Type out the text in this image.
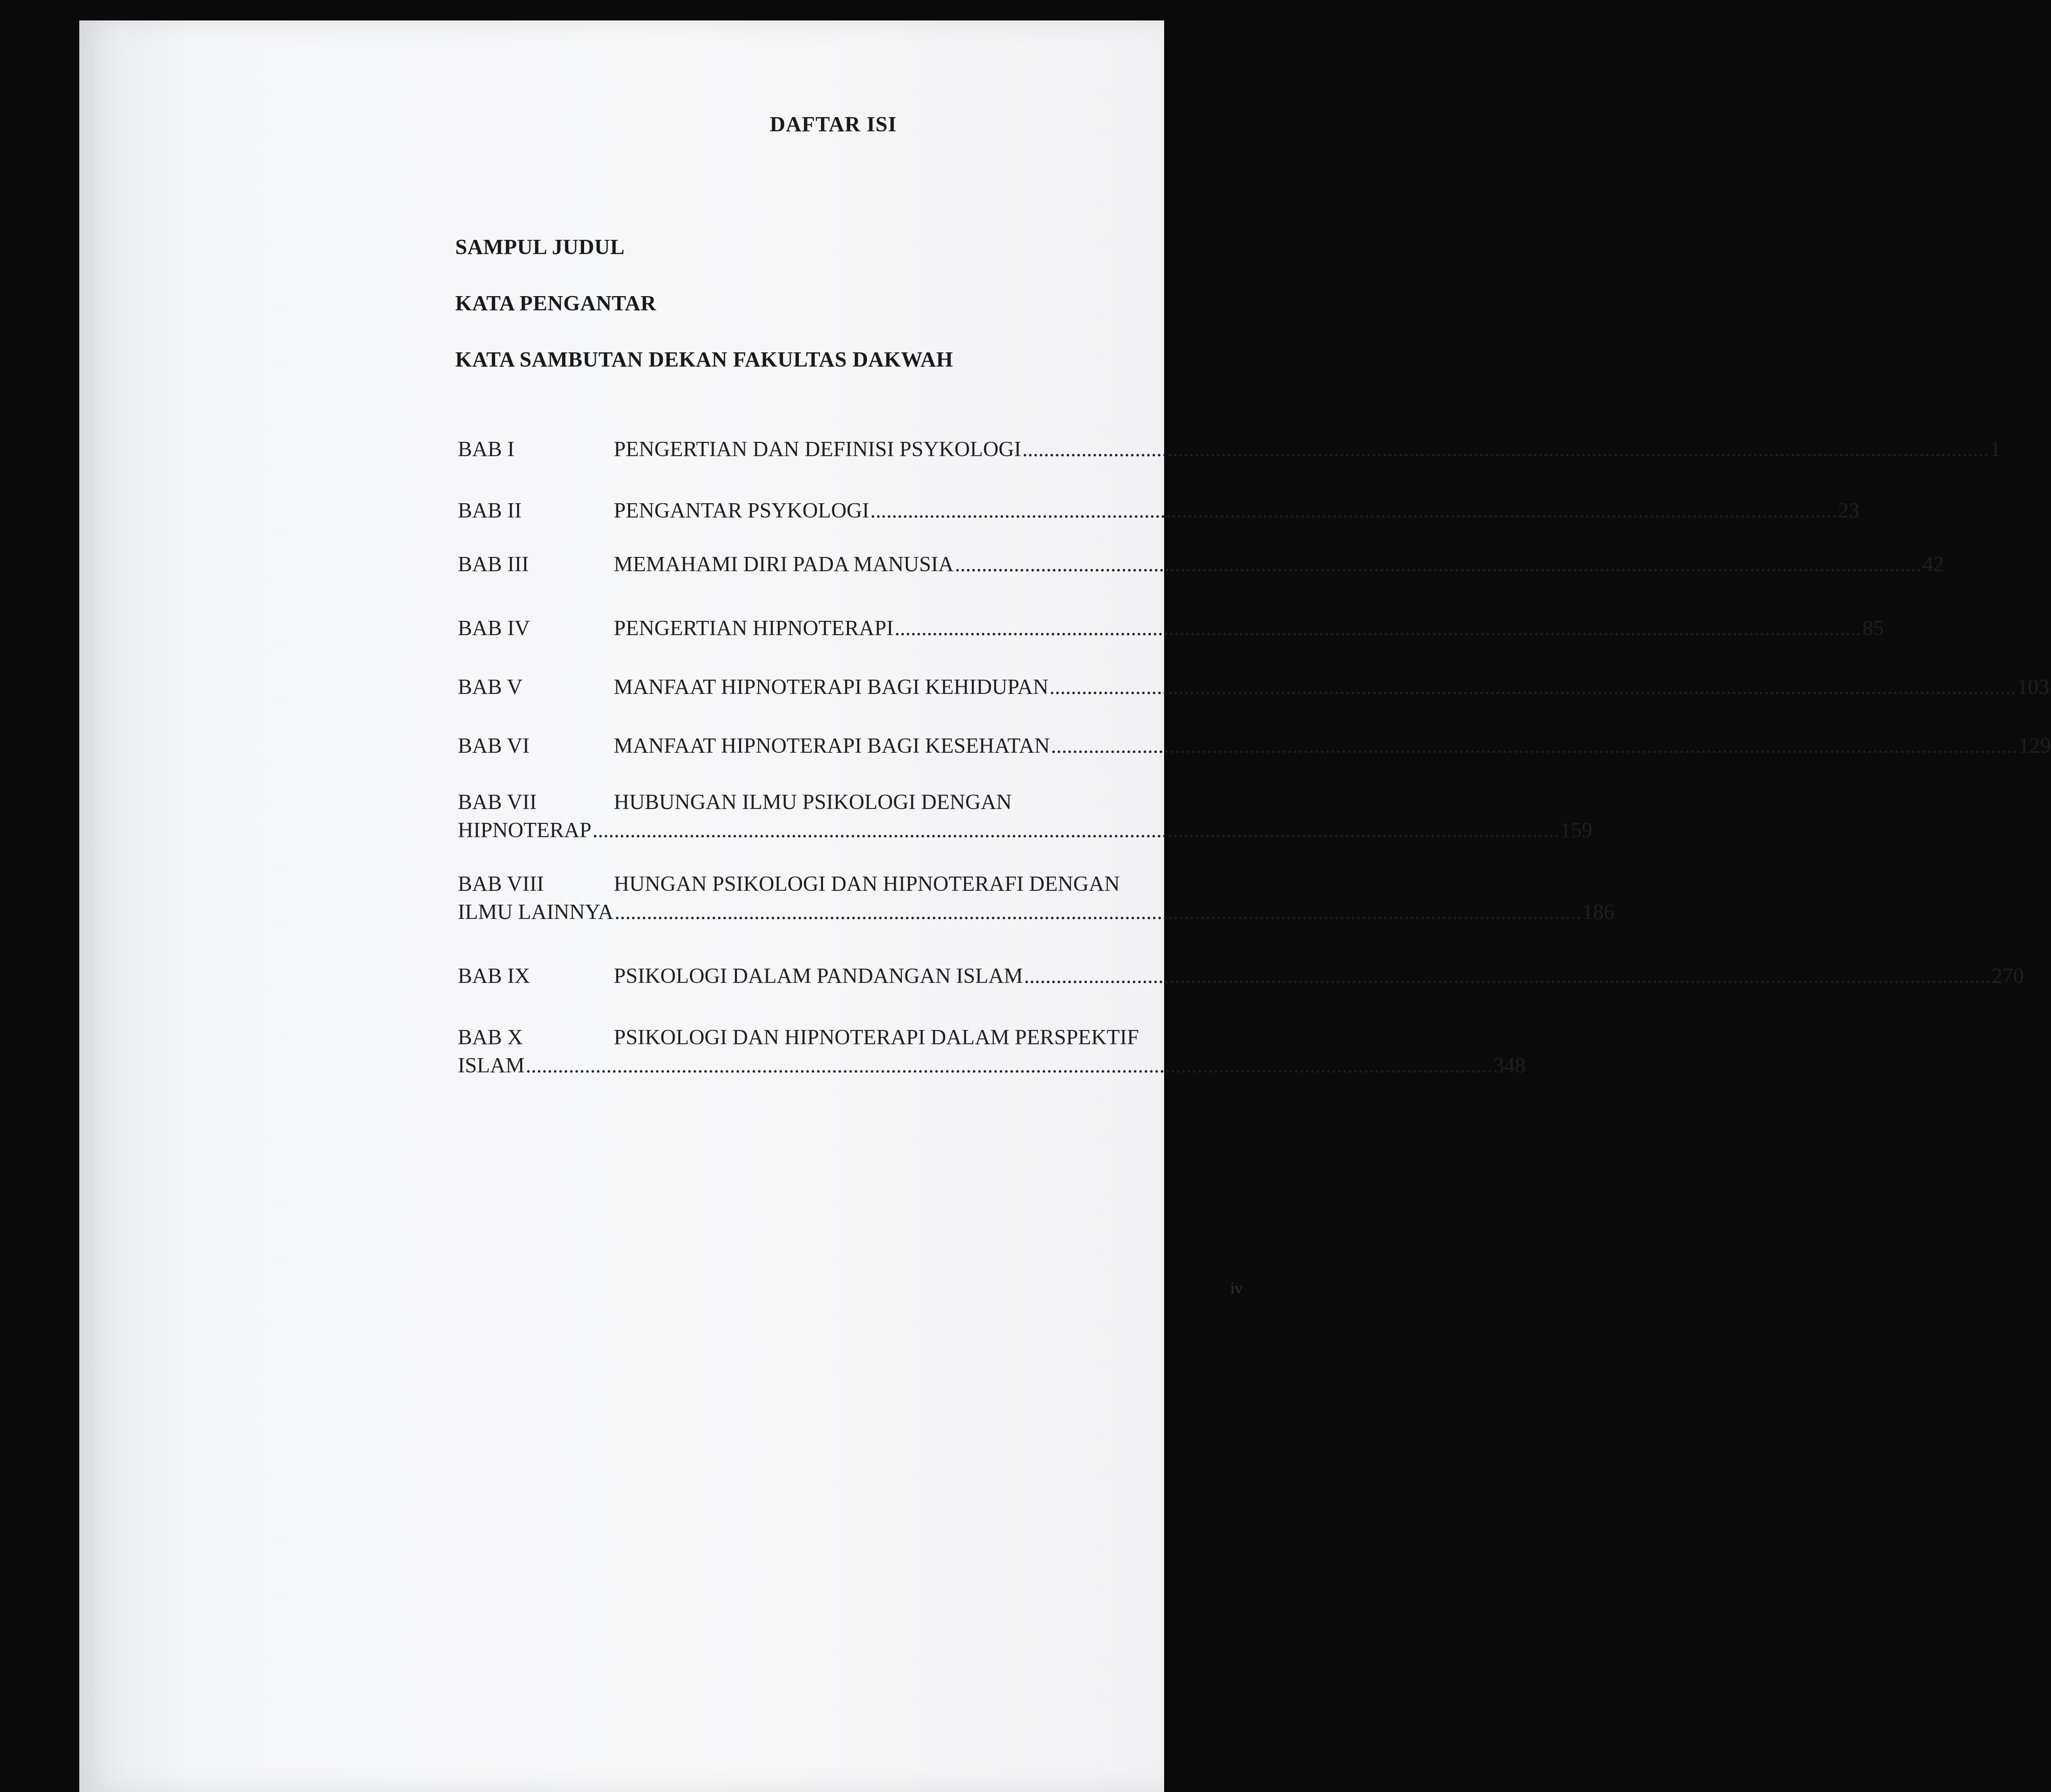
DAFTAR ISI
SAMPUL JUDUL
KATA PENGANTAR
KATA SAMBUTAN DEKAN FAKULTAS DAKWAH
BAB I	PENGERTIAN DAN DEFINISI PSYKOLOGI .....	1
BAB II	PENGANTAR PSYKOLOGI .....	23
BAB III	MEMAHAMI DIRI PADA MANUSIA .....	42
BAB IV	PENGERTIAN HIPNOTERAPI .....	85
BAB V	MANFAAT HIPNOTERAPI BAGI KEHIDUPAN .....	103
BAB VI	MANFAAT HIPNOTERAPI BAGI KESEHATAN .....	129
BAB VII	HUBUNGAN ILMU PSIKOLOGI DENGAN
HIPNOTERAP .....	159
BAB VIII	HUNGAN PSIKOLOGI DAN HIPNOTERAFI DENGAN
ILMU LAINNYA .....	186
BAB IX	PSIKOLOGI DALAM PANDANGAN ISLAM .....	270
BAB X	PSIKOLOGI DAN HIPNOTERAPI DALAM PERSPEKTIF
ISLAM .....	348
iv
